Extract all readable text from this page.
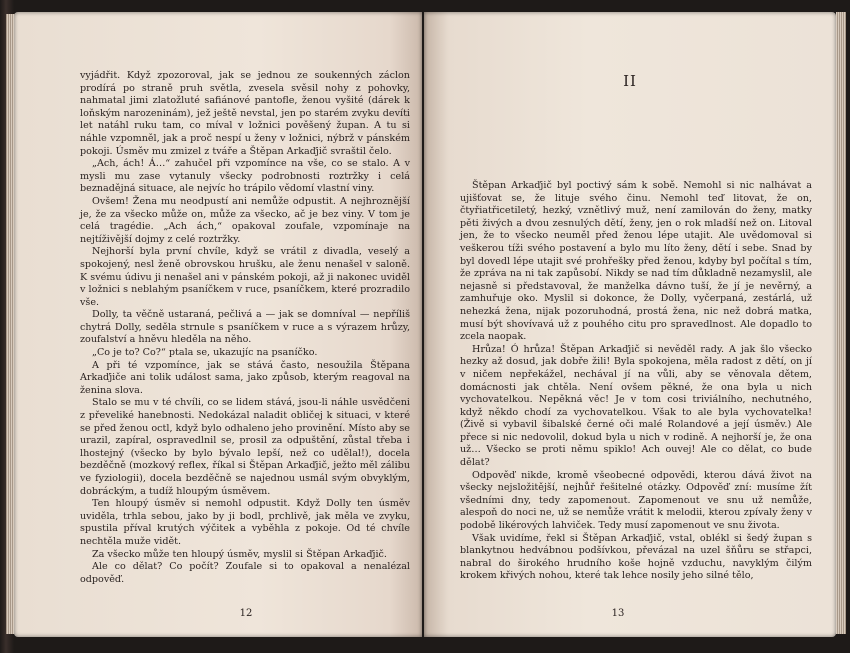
vyjádřit. Když zpozoroval, jak se jednou ze soukenných záclon prodírá po straně pruh světla, zvesela svěsil nohy z pohovky, nahmatal jimi zlatožluté safiánové pantofle, ženou vyšité (dárek k loňským narozeninám), jež ještě nevstal, jen po starém zvyku devíti let natáhl ruku tam, co míval v ložnici pověšený župan. A tu si náhle vzpomněl, jak a proč nespí u ženy v ložnici, nýbrž v pánském pokoji. Úsměv mu zmizel z tváře a Štěpan Arkaďjič svraštil čelo.

„Ach, ách! Á…“ zahučel při vzpomínce na vše, co se stalo. A v mysli mu zase vytanuly všecky podrobnosti roztržky i celá beznadějná situace, ale nejvíc ho trápilo vědomí vlastní viny.

Ovšem! Žena mu neodpustí ani nemůže odpustit. A nejhroznější je, že za všecko může on, může za všecko, ač je bez viny. V tom je celá tragédie. „Ach ách,“ opakoval zoufale, vzpomínaje na nejtíživější dojmy z celé roztržky.

Nejhorší byla první chvíle, když se vrátil z divadla, veselý a spokojený, nesl ženě obrovskou hrušku, ale ženu nenašel v saloně. K svému údivu ji nenašel ani v pánském pokoji, až ji nakonec uviděl v ložnici s neblahým psaníčkem v ruce, psaníčkem, které prozradilo vše.

Dolly, ta věčně ustaraná, pečlivá a — jak se domníval — nepříliš chytrá Dolly, seděla strnule s psaníčkem v ruce a s výrazem hrůzy, zoufalství a hněvu hleděla na něho.

„Co je to? Co?“ ptala se, ukazujíc na psaníčko.

A při té vzpomínce, jak se stává často, nesoužila Štěpana Arkaďjiče ani tolik událost sama, jako způsob, kterým reagoval na ženina slova.

Stalo se mu v té chvíli, co se lidem stává, jsou-li náhle usvědčeni z převeliké hanebnosti. Nedokázal naladit obličej k situaci, v které se před ženou octl, když bylo odhaleno jeho provinění. Místo aby se urazil, zapíral, ospravedlnil se, prosil za odpuštění, zůstal třeba i lhostejný (všecko by bylo bývalo lepší, než co udělal!), docela bezděčně (mozkový reflex, říkal si Štěpan Arkaďjič, ježto měl zálibu ve fyziologii), docela bezděčně se najednou usmál svým obvyklým, dobráckým, a tudíž hloupým úsměvem.

Ten hloupý úsměv si nemohl odpustit. Když Dolly ten úsměv uviděla, trhla sebou, jako by ji bodl, prchlivě, jak měla ve zvyku, spustila příval krutých výčitek a vyběhla z pokoje. Od té chvíle nechtěla muže vidět.

Za všecko může ten hloupý úsměv, myslil si Štěpan Arkaďjič.

Ale co dělat? Co počít? Zoufale si to opakoval a nenalézal odpověď.

12
II

Štěpan Arkaďjič byl poctivý sám k sobě. Nemohl si nic nalhávat a ujišťovat se, že lituje svého činu. Nemohl teď litovat, že on, čtyřiatřicetiletý, hezký, vznětlivý muž, není zamilován do ženy, matky pěti živých a dvou zesnulých dětí, ženy, jen o rok mladší než on. Litoval jen, že to všecko neuměl před ženou lépe utajit. Ale uvědomoval si veškerou tíži svého postavení a bylo mu líto ženy, dětí i sebe. Snad by byl dovedl lépe utajit své prohřešky před ženou, kdyby byl počítal s tím, že zpráva na ni tak zapůsobí. Nikdy se nad tím důkladně nezamyslil, ale nejasně si představoval, že manželka dávno tuší, že jí je nevěrný, a zamhuřuje oko. Myslil si dokonce, že Dolly, vyčerpaná, zestárlá, už nehezká žena, nijak pozoruhodná, prostá žena, nic než dobrá matka, musí být shovívavá už z pouhého citu pro spravedlnost. Ale dopadlo to zcela naopak.

Hrůza! Ó hrůza! Štěpan Arkaďjič si nevěděl rady. A jak šlo všecko hezky až dosud, jak dobře žili! Byla spokojena, měla radost z dětí, on jí v ničem nepřekážel, nechával jí na vůli, aby se věnovala dětem, domácnosti jak chtěla. Není ovšem pěkné, že ona byla u nich vychovatelkou. Nepěkná věc! Je v tom cosi triviálního, nechutného, když někdo chodí za vychovatelkou. Však to ale byla vychovatelka! (Živě si vybavil šibalské černé oči malé Rolandové a její úsměv.) Ale přece si nic nedovolil, dokud byla u nich v rodině. A nejhorší je, že ona už… Všecko se proti němu spiklo! Ach ouvej! Ale co dělat, co bude dělat?

Odpověď nikde, kromě všeobecné odpovědi, kterou dává život na všecky nejsložitější, nejhůř řešitelné otázky. Odpověď zní: musíme žít všedními dny, tedy zapomenout. Zapomenout ve snu už nemůže, alespoň do noci ne, už se nemůže vrátit k melodii, kterou zpívaly ženy v podobě likérových lahviček. Tedy musí zapomenout ve snu života.

Však uvidíme, řekl si Štěpan Arkaďjič, vstal, oblékl si šedý župan s blankytnou hedvábnou podšívkou, převázal na uzel šňůru se střapci, nabral do širokého hrudního koše hojně vzduchu, navyklým čilým krokem křivých nohou, které tak lehce nosily jeho silné tělo,

13
